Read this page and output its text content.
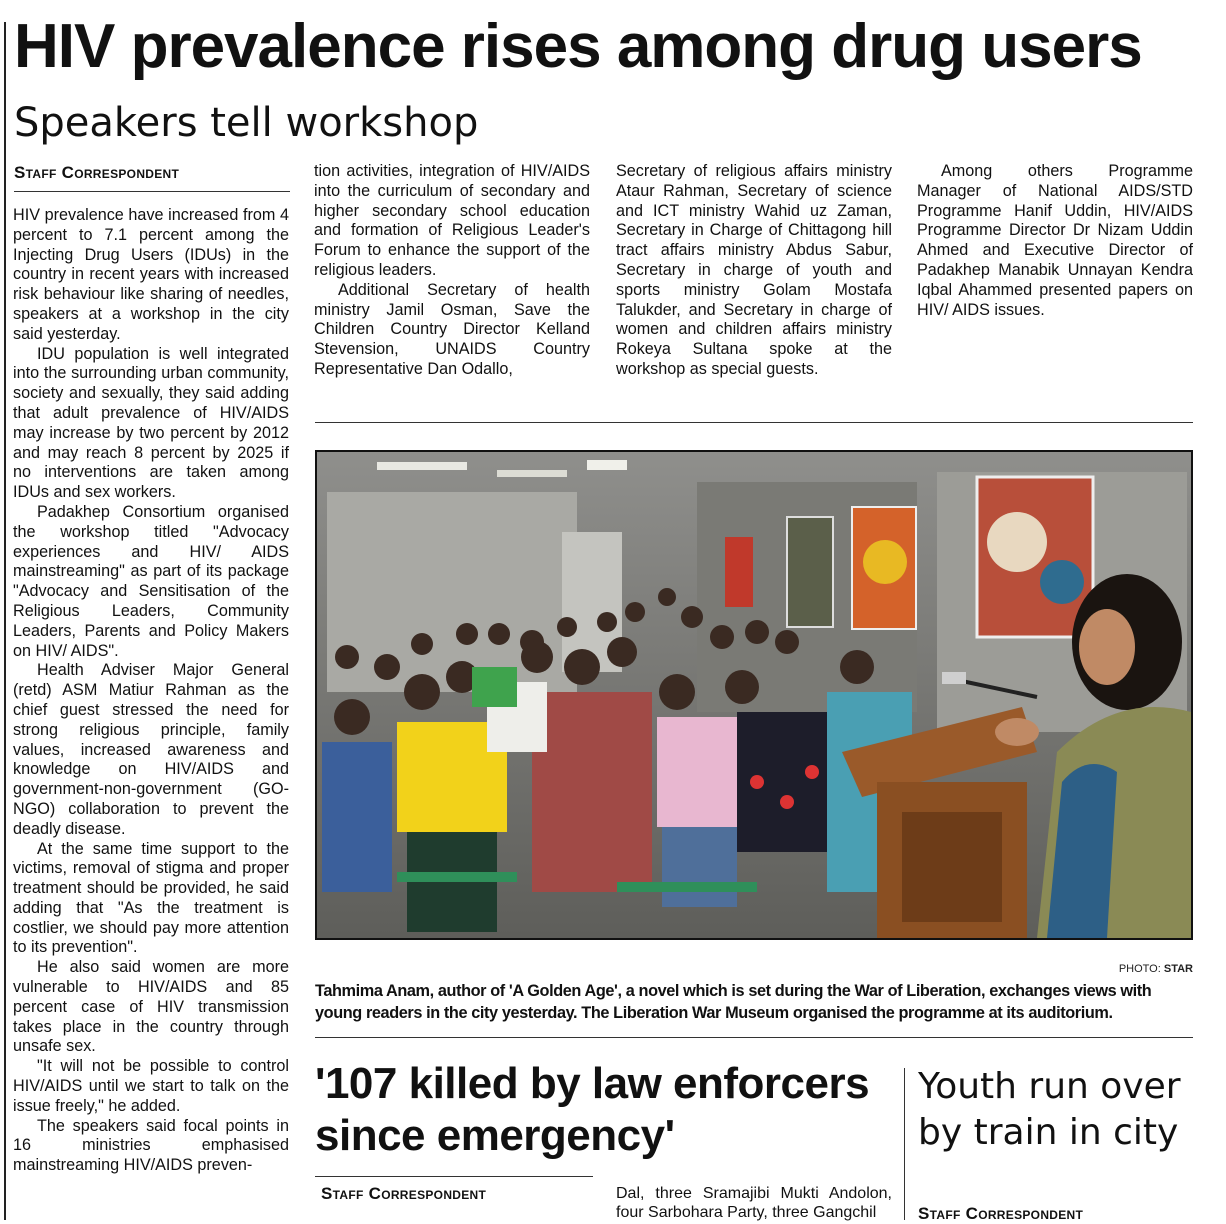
HIV prevalence rises among drug users
Speakers tell workshop
Staff Correspondent

HIV prevalence have increased from 4 percent to 7.1 percent among the Injecting Drug Users (IDUs) in the country in recent years with increased risk behaviour like sharing of needles, speakers at a workshop in the city said yesterday.

IDU population is well integrated into the surrounding urban community, society and sexually, they said adding that adult prevalence of HIV/AIDS may increase by two percent by 2012 and may reach 8 percent by 2025 if no interventions are taken among IDUs and sex workers.

Padakhep Consortium organised the workshop titled "Advocacy experiences and HIV/ AIDS mainstreaming" as part of its package "Advocacy and Sensitisation of the Religious Leaders, Community Leaders, Parents and Policy Makers on HIV/ AIDS".

Health Adviser Major General (retd) ASM Matiur Rahman as the chief guest stressed the need for strong religious principle, family values, increased awareness and knowledge on HIV/AIDS and government-non-government (GO-NGO) collaboration to prevent the deadly disease.

At the same time support to the victims, removal of stigma and proper treatment should be provided, he said adding that "As the treatment is costlier, we should pay more attention to its prevention".

He also said women are more vulnerable to HIV/AIDS and 85 percent case of HIV transmission takes place in the country through unsafe sex.

"It will not be possible to control HIV/AIDS until we start to talk on the issue freely," he added.

The speakers said focal points in 16 ministries emphasised mainstreaming HIV/AIDS preven-

tion activities, integration of HIV/AIDS into the curriculum of secondary and higher secondary school education and formation of Religious Leader's Forum to enhance the support of the religious leaders.

Additional Secretary of health ministry Jamil Osman, Save the Children Country Director Kelland Stevension, UNAIDS Country Representative Dan Odallo,

Secretary of religious affairs ministry Ataur Rahman, Secretary of science and ICT ministry Wahid uz Zaman, Secretary in Charge of Chittagong hill tract affairs ministry Abdus Sabur, Secretary in charge of youth and sports ministry Golam Mostafa Talukder, and Secretary in charge of women and children affairs ministry Rokeya Sultana spoke at the workshop as special guests.

Among others Programme Manager of National AIDS/STD Programme Hanif Uddin, HIV/AIDS Programme Director Dr Nizam Uddin Ahmed and Executive Director of Padakhep Manabik Unnayan Kendra Iqbal Ahammed presented papers on HIV/ AIDS issues.

PHOTO: STAR
Tahmima Anam, author of 'A Golden Age', a novel which is set during the War of Liberation, exchanges views with young readers in the city yesterday. The Liberation War Museum organised the programme at its auditorium.
'107 killed by law enforcers since emergency'
Staff Correspondent	Dal, three Sramajibi Mukti Andolon, four Sarbohara Party, three Gangchil

Youth run over by train in city
Staff Correspondent
